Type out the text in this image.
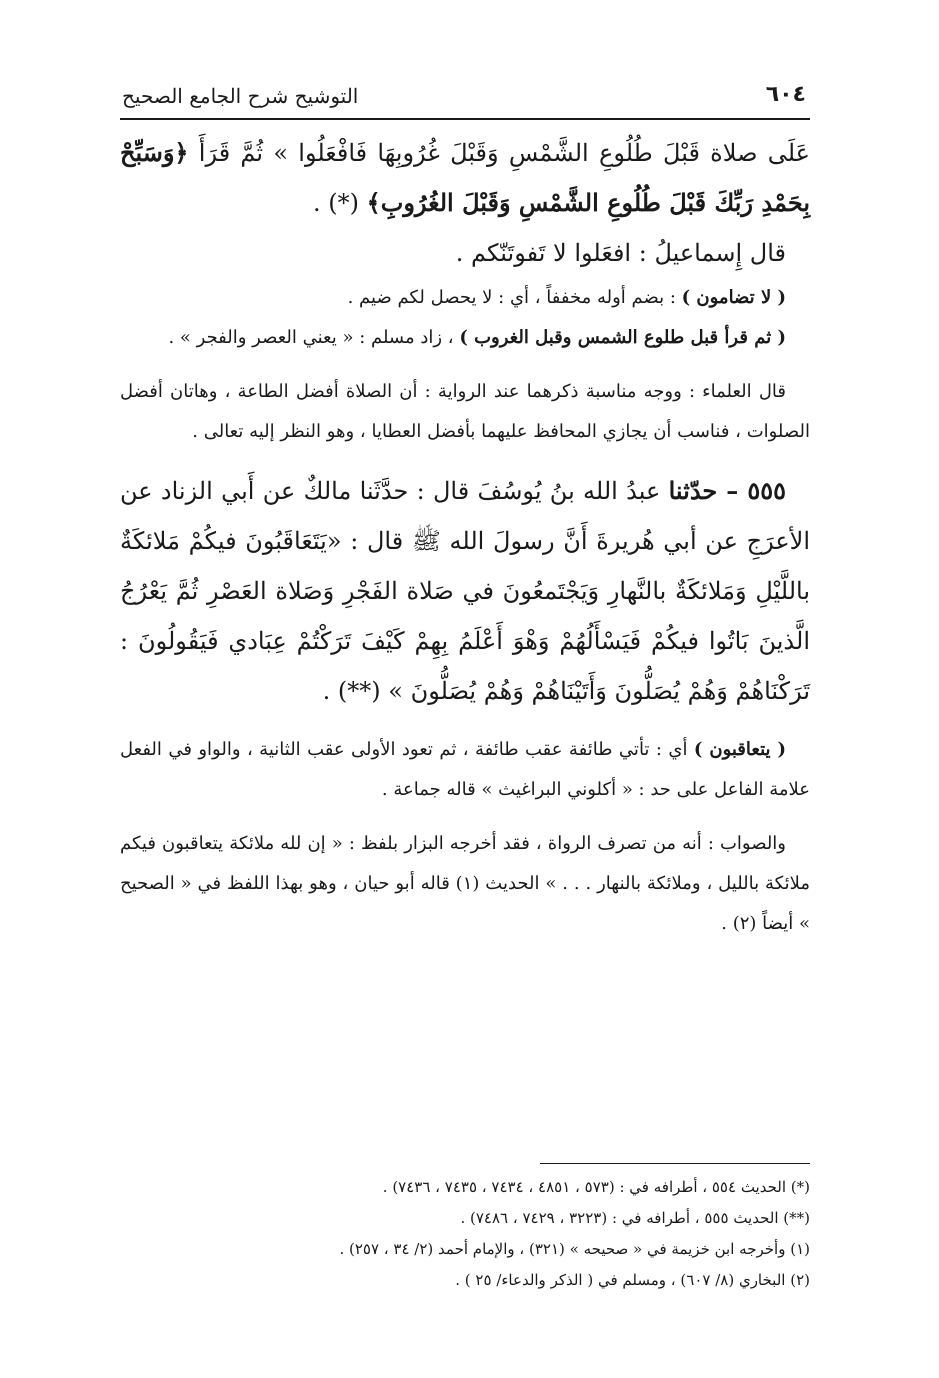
٦٠٤
التوشيح شرح الجامع الصحيح

عَلَى صلاة قَبْلَ طُلُوعِ الشَّمْسِ وَقَبْلَ غُرُوبِهَا فَافْعَلُوا » ثُمَّ قَرَأَ ﴿وَسَبِّحْ بِحَمْدِ رَبِّكَ قَبْلَ طُلُوعِ الشَّمْسِ وَقَبْلَ الغُرُوبِ﴾ (*) .

قال إِسماعيلُ : افعَلوا لا تَفوتَنّكم .

( لا تضامون ) : بضم أوله مخففاً ، أي : لا يحصل لكم ضيم .

( ثم قرأ قبل طلوع الشمس وقبل الغروب ) ، زاد مسلم : « يعني العصر والفجر » .

قال العلماء : ووجه مناسبة ذكرهما عند الرواية : أن الصلاة أفضل الطاعة ، وهاتان أفضل الصلوات ، فناسب أن يجازي المحافظ عليهما بأفضل العطايا ، وهو النظر إليه تعالى .

٥٥٥ – حدّثنا عبدُ الله بنُ يُوسُفَ قال : حدَّثَنا مالكٌ عن أَبي الزناد عن الأعرَجِ عن أبي هُريرةَ أَنَّ رسولَ الله ﷺ قال : «يَتَعَاقَبُونَ فيكُمْ مَلائكَةٌ باللَّيْلِ وَمَلائكَةٌ بالنَّهارِ وَيَجْتَمعُونَ في صَلاة الفَجْرِ وَصَلاة العَصْرِ ثُمَّ يَعْرُجُ الَّذينَ بَاتُوا فيكُمْ فَيَسْأَلُهُمْ وَهْوَ أَعْلَمُ بِهِمْ كَيْفَ تَرَكْتُمْ عِبَادي فَيَقُولُونَ : تَرَكْنَاهُمْ وَهُمْ يُصَلُّونَ وَأَتَيْنَاهُمْ وَهُمْ يُصَلُّونَ » (**) .

( يتعاقبون ) أي : تأتي طائفة عقب طائفة ، ثم تعود الأولى عقب الثانية ، والواو في الفعل علامة الفاعل على حد : « أكلوني البراغيث » قاله جماعة .

والصواب : أنه من تصرف الرواة ، فقد أخرجه البزار بلفظ : « إن لله ملائكة يتعاقبون فيكم ملائكة بالليل ، وملائكة بالنهار . . . » الحديث (١) قاله أبو حيان ، وهو بهذا اللفظ في « الصحيح » أيضاً (٢) .

(*) الحديث ٥٥٤ ، أطرافه في : (٥٧٣ ، ٤٨٥١ ، ٧٤٣٤ ، ٧٤٣٥ ، ٧٤٣٦) .

(**) الحديث ٥٥٥ ، أطرافه في : (٣٢٢٣ ، ٧٤٢٩ ، ٧٤٨٦) .

(١) وأخرجه ابن خزيمة في « صحيحه » (٣٢١) ، والإمام أحمد (٢/ ٣٤ ، ٢٥٧) .

(٢) البخاري (٨/ ٦٠٧) ، ومسلم في ( الذكر والدعاء/ ٢٥ ) .
